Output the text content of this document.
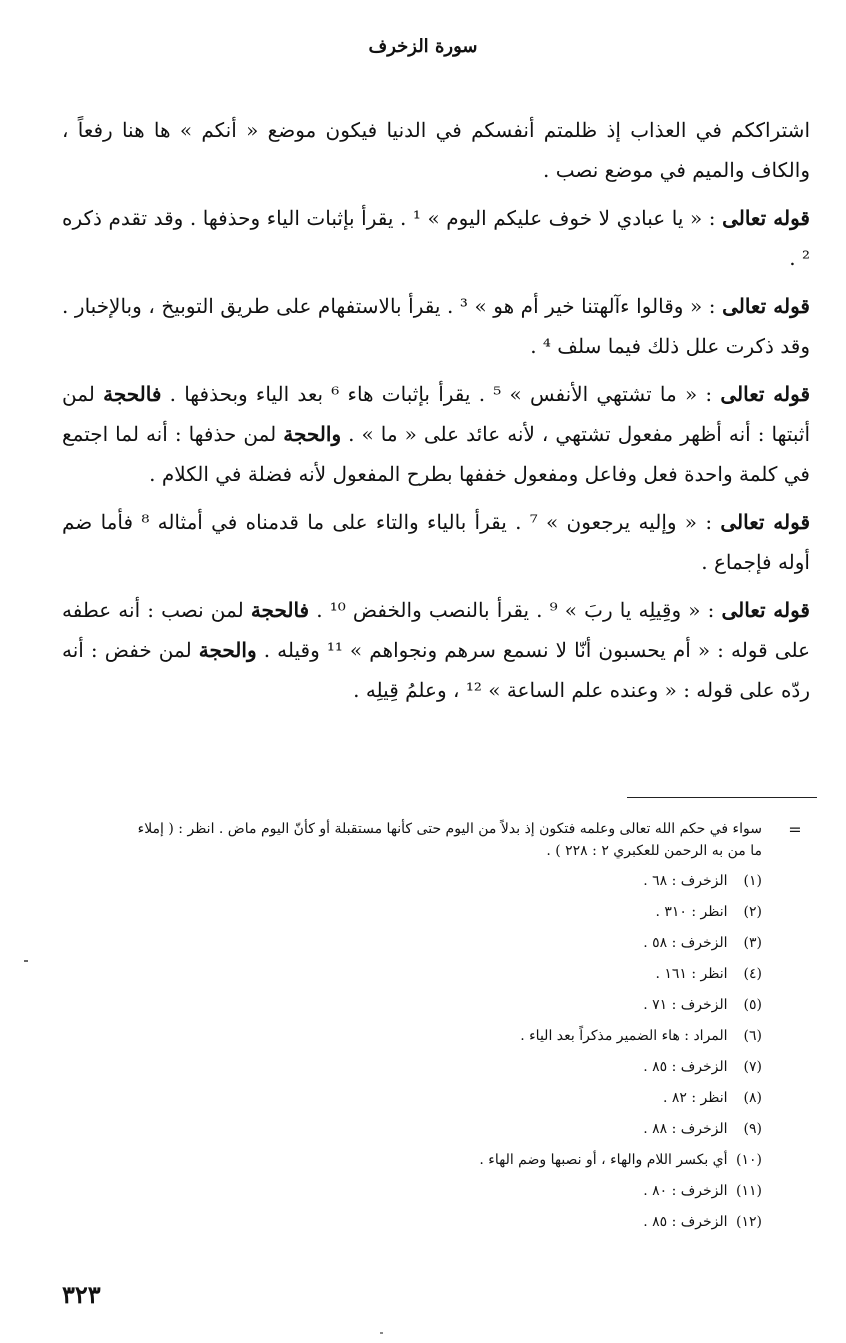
سورة الزخرف

اشتراككم في العذاب إذ ظلمتم أنفسكم في الدنيا فيكون موضع « أنكم » ها هنا رفعاً ، والكاف والميم في موضع نصب .

قوله تعالى : « يا عبادي لا خوف عليكم اليوم » ¹ . يقرأ بإثبات الياء وحذفها . وقد تقدم ذكره ² .

قوله تعالى : « وقالوا ءآلهتنا خير أم هو » ³ . يقرأ بالاستفهام على طريق التوبيخ ، وبالإخبار . وقد ذكرت علل ذلك فيما سلف ⁴ .

قوله تعالى : « ما تشتهي الأنفس » ⁵ . يقرأ بإثبات هاء ⁶ بعد الياء وبحذفها . فالحجة لمن أثبتها : أنه أظهر مفعول تشتهي ، لأنه عائد على « ما » . والحجة لمن حذفها : أنه لما اجتمع في كلمة واحدة فعل وفاعل ومفعول خففها بطرح المفعول لأنه فضلة في الكلام .

قوله تعالى : « وإليه يرجعون » ⁷ . يقرأ بالياء والتاء على ما قدمناه في أمثاله ⁸ فأما ضم أوله فإجماع .

قوله تعالى : « وقِيلِه يا ربَ » ⁹ . يقرأ بالنصب والخفض ¹⁰ . فالحجة لمن نصب : أنه عطفه على قوله : « أم يحسبون أنّا لا نسمع سرهم ونجواهم » ¹¹ وقيله . والحجة لمن خفض : أنه ردّه على قوله : « وعنده علم الساعة » ¹² ، وعلمُ قِيلِه .

=

سواء في حكم الله تعالى وعلمه فتكون إذ بدلاً من اليوم حتى كأنها مستقبلة أو كأنّ اليوم ماض . انظر : ( إملاء

ما من به الرحمن للعكبري ٢ : ٢٢٨ ) .

(١) الزخرف : ٦٨ .

(٢) انظر : ٣١٠ .

(٣) الزخرف : ٥٨ .

(٤) انظر : ١٦١ .

(٥) الزخرف : ٧١ .

(٦) المراد : هاء الضمير مذكراً بعد الياء .

(٧) الزخرف : ٨٥ .

(٨) انظر : ٨٢ .

(٩) الزخرف : ٨٨ .

(١٠) أي بكسر اللام والهاء ، أو نصبها وضم الهاء .

(١١) الزخرف : ٨٠ .

(١٢) الزخرف : ٨٥ .

٣٢٣
